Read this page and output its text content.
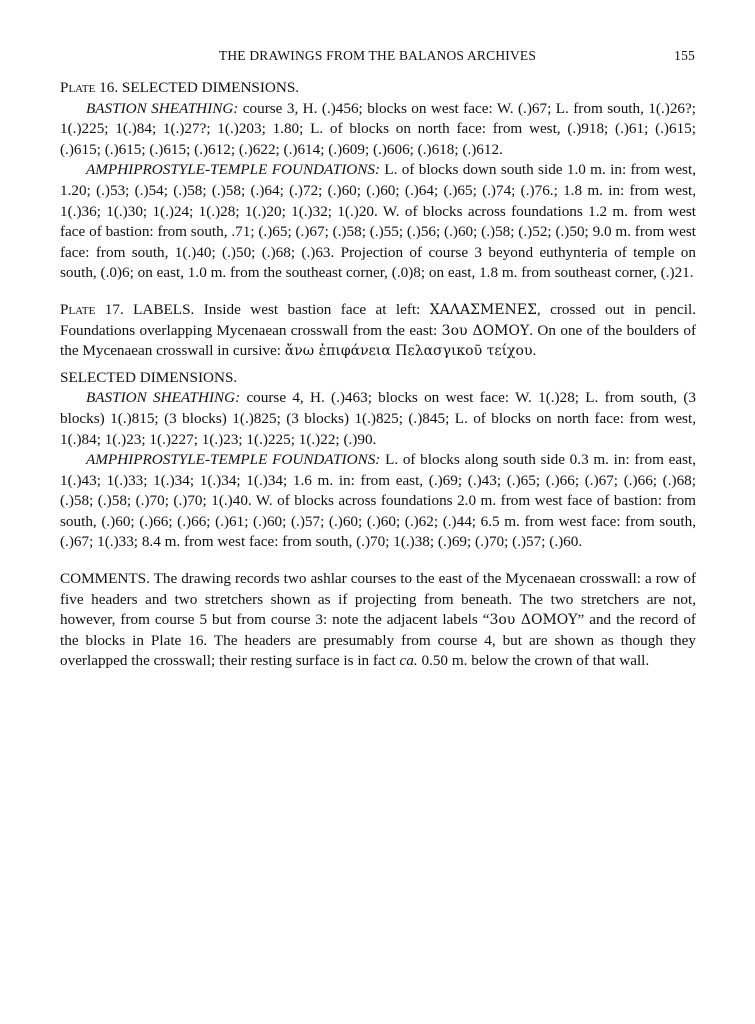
THE DRAWINGS FROM THE BALANOS ARCHIVES	155

Plate 16. SELECTED DIMENSIONS.

BASTION SHEATHING: course 3, H. (.)456; blocks on west face: W. (.)67; L. from south, 1(.)26?; 1(.)225; 1(.)84; 1(.)27?; 1(.)203; 1.80; L. of blocks on north face: from west, (.)918; (.)61; (.)615; (.)615; (.)615; (.)615; (.)612; (.)622; (.)614; (.)609; (.)606; (.)618; (.)612.

AMPHIPROSTYLE-TEMPLE FOUNDATIONS: L. of blocks down south side 1.0 m. in: from west, 1.20; (.)53; (.)54; (.)58; (.)58; (.)64; (.)72; (.)60; (.)60; (.)64; (.)65; (.)74; (.)76.; 1.8 m. in: from west, 1(.)36; 1(.)30; 1(.)24; 1(.)28; 1(.)20; 1(.)32; 1(.)20. W. of blocks across foundations 1.2 m. from west face of bastion: from south, .71; (.)65; (.)67; (.)58; (.)55; (.)56; (.)60; (.)58; (.)52; (.)50; 9.0 m. from west face: from south, 1(.)40; (.)50; (.)68; (.)63. Projection of course 3 beyond euthynteria of temple on south, (.0)6; on east, 1.0 m. from the southeast corner, (.0)8; on east, 1.8 m. from southeast corner, (.)21.

Plate 17. LABELS. Inside west bastion face at left: ΧΑΛΑΣΜΕΝΕΣ, crossed out in pencil. Foundations overlapping Mycenaean crosswall from the east: 3ου ΔΟΜΟΥ. On one of the boulders of the Mycenaean crosswall in cursive: ἄνω ἐπιφάνεια Πελασγικοῦ τείχου.

SELECTED DIMENSIONS.

BASTION SHEATHING: course 4, H. (.)463; blocks on west face: W. 1(.)28; L. from south, (3 blocks) 1(.)815; (3 blocks) 1(.)825; (3 blocks) 1(.)825; (.)845; L. of blocks on north face: from west, 1(.)84; 1(.)23; 1(.)227; 1(.)23; 1(.)225; 1(.)22; (.)90.

AMPHIPROSTYLE-TEMPLE FOUNDATIONS: L. of blocks along south side 0.3 m. in: from east, 1(.)43; 1(.)33; 1(.)34; 1(.)34; 1(.)34; 1.6 m. in: from east, (.)69; (.)43; (.)65; (.)66; (.)67; (.)66; (.)68; (.)58; (.)58; (.)70; (.)70; 1(.)40. W. of blocks across foundations 2.0 m. from west face of bastion: from south, (.)60; (.)66; (.)66; (.)61; (.)60; (.)57; (.)60; (.)60; (.)62; (.)44; 6.5 m. from west face: from south, (.)67; 1(.)33; 8.4 m. from west face: from south, (.)70; 1(.)38; (.)69; (.)70; (.)57; (.)60.

COMMENTS. The drawing records two ashlar courses to the east of the Mycenaean crosswall: a row of five headers and two stretchers shown as if projecting from beneath. The two stretchers are not, however, from course 5 but from course 3: note the adjacent labels “3ου ΔΟΜΟΥ” and the record of the blocks in Plate 16. The headers are presumably from course 4, but are shown as though they overlapped the crosswall; their resting surface is in fact ca. 0.50 m. below the crown of that wall.
